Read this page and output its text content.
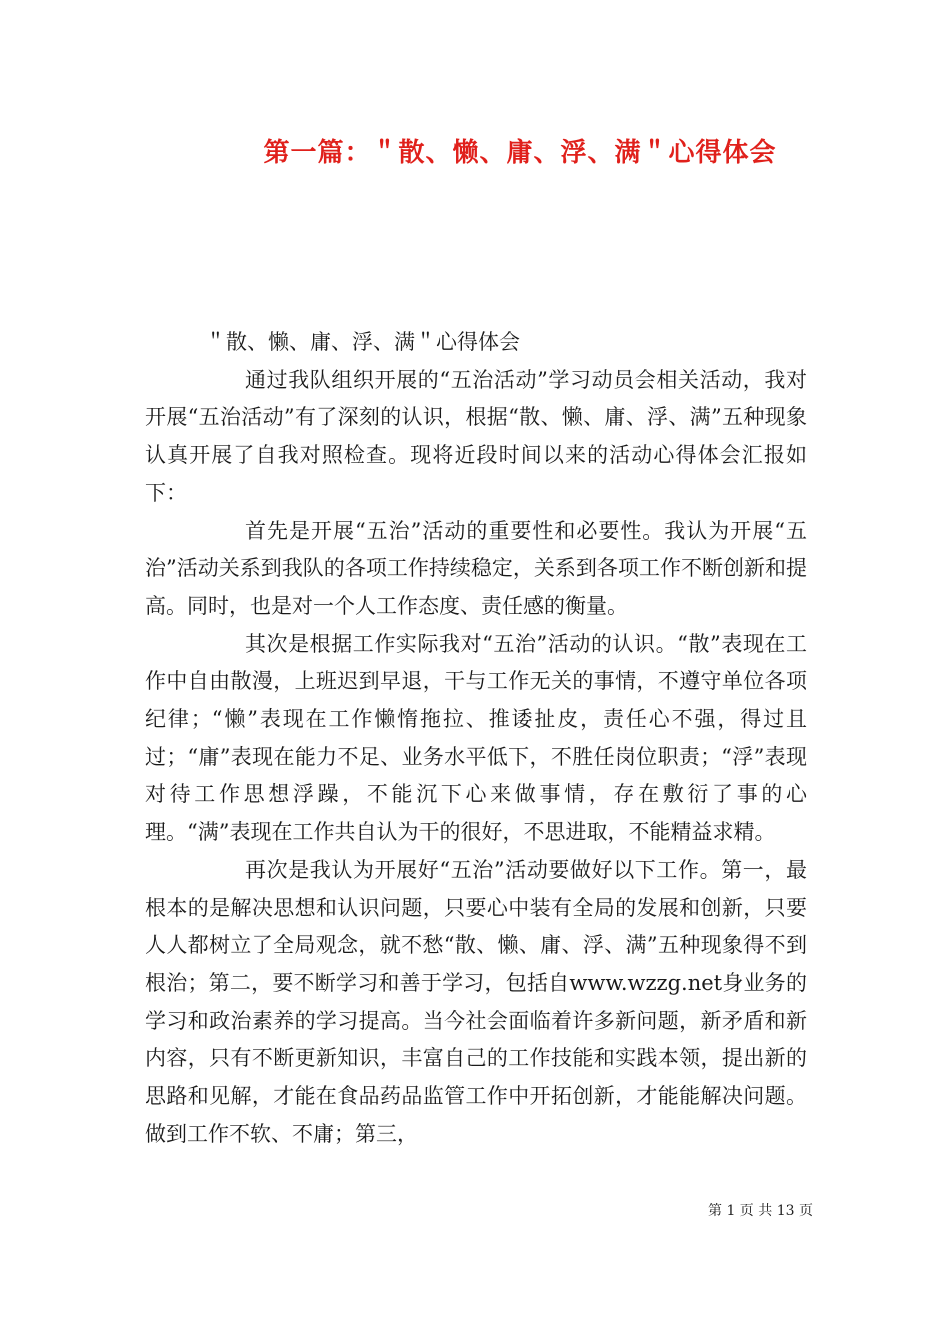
第一篇：＂散、懒、庸、浮、满＂心得体会

＂散、懒、庸、浮、满＂心得体会

通过我队组织开展的“五治活动”学习动员会相关活动，我对开展“五治活动”有了深刻的认识，根据“散、懒、庸、浮、满”五种现象认真开展了自我对照检查。现将近段时间以来的活动心得体会汇报如下：

首先是开展“五治”活动的重要性和必要性。我认为开展“五治”活动关系到我队的各项工作持续稳定，关系到各项工作不断创新和提高。同时，也是对一个人工作态度、责任感的衡量。

其次是根据工作实际我对“五治”活动的认识。“散”表现在工作中自由散漫，上班迟到早退，干与工作无关的事情，不遵守单位各项纪律；“懒”表现在工作懒惰拖拉、推诿扯皮，责任心不强，得过且过；“庸”表现在能力不足、业务水平低下，不胜任岗位职责；“浮”表现对待工作思想浮躁，不能沉下心来做事情，存在敷衍了事的心理。“满”表现在工作共自认为干的很好，不思进取，不能精益求精。

再次是我认为开展好“五治”活动要做好以下工作。第一，最根本的是解决思想和认识问题，只要心中装有全局的发展和创新，只要人人都树立了全局观念，就不愁“散、懒、庸、浮、满”五种现象得不到根治；第二，要不断学习和善于学习，包括自www.wzzg.net身业务的学习和政治素养的学习提高。当今社会面临着许多新问题，新矛盾和新内容，只有不断更新知识，丰富自己的工作技能和实践本领，提出新的思路和见解，才能在食品药品监管工作中开拓创新，才能能解决问题。做到工作不软、不庸；第三，

第 1 页 共 13 页
